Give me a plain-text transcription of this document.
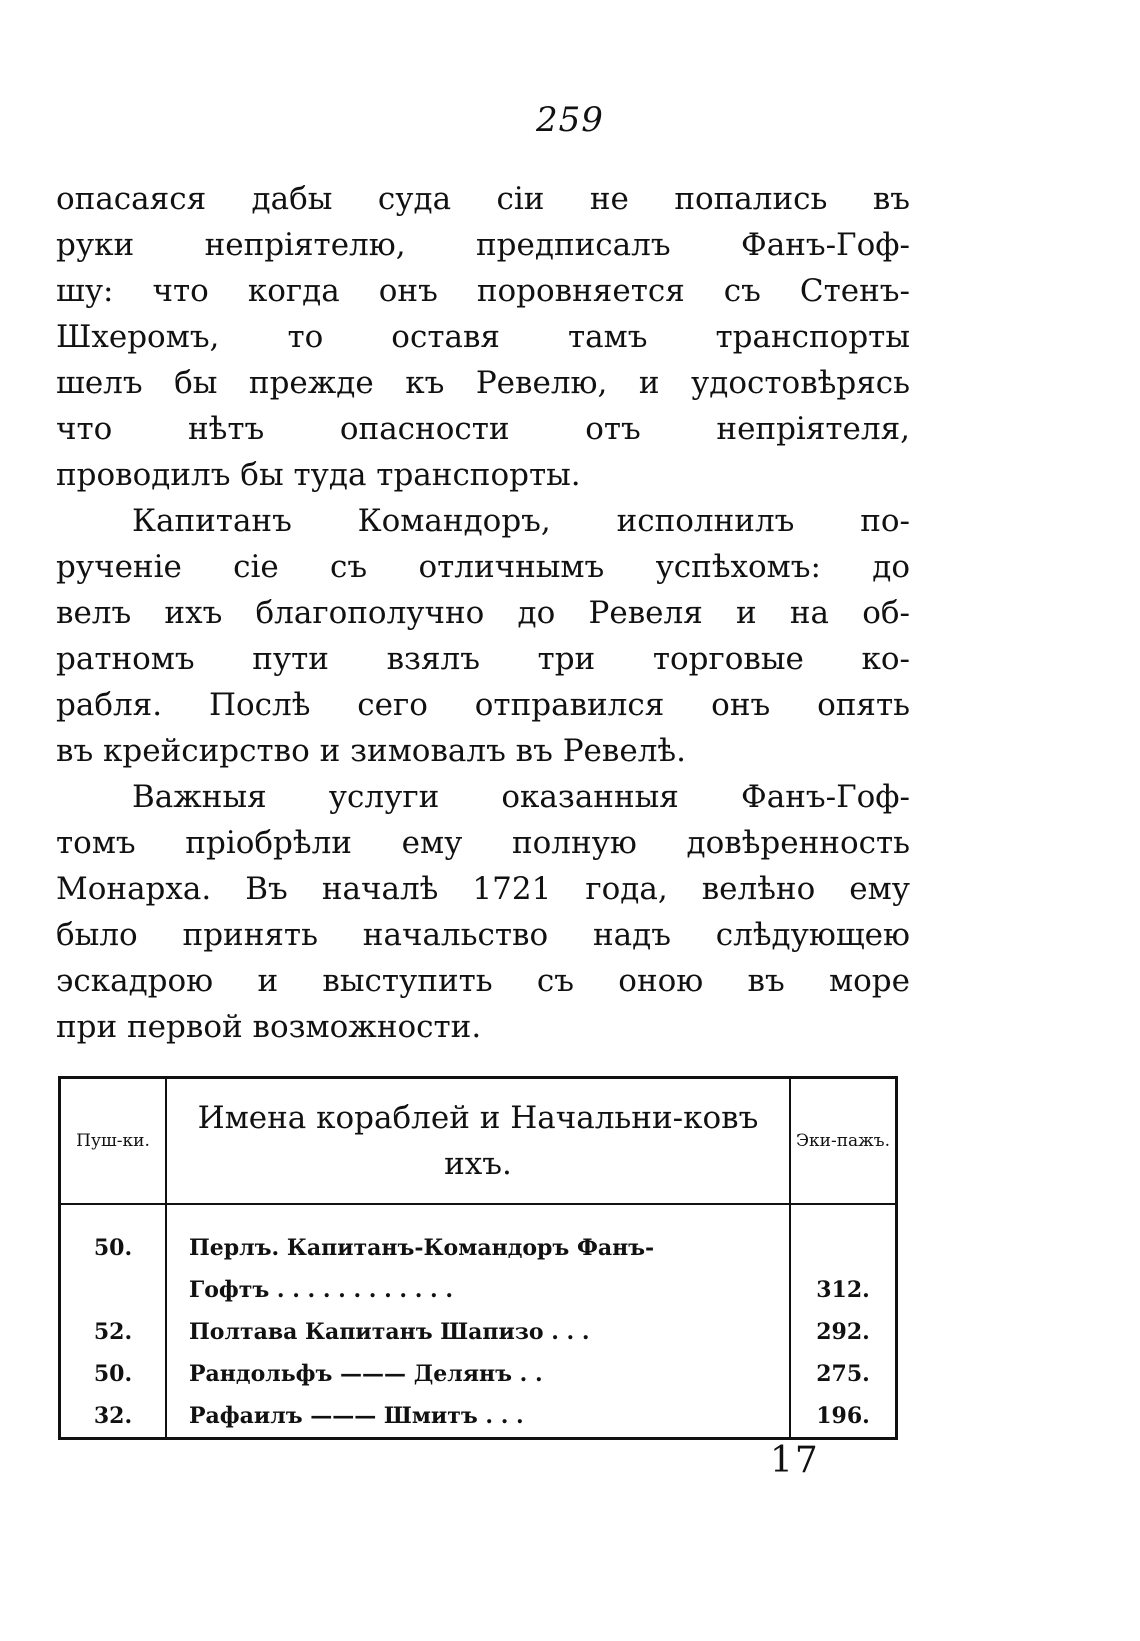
259
опасаяся дабы суда сіи не попались въ
руки непріятелю, предписалъ Фанъ-Гоф-
шу: что когда онъ поровняется съ Стенъ-
Шхеромъ, то оставя тамъ транспорты
шелъ бы прежде къ Ревелю, и удостовѣрясь
что нѣтъ опасности отъ непріятеля,
проводилъ бы туда транспорты.
Капитанъ Командоръ, исполнилъ по-
рученіе сіе съ отличнымъ успѣхомъ: до
велъ ихъ благополучно до Ревеля и на об-
ратномъ пути взялъ три торговые ко-
рабля. Послѣ сего отправился онъ опять
въ крейсирство и зимовалъ въ Ревелѣ.
Важныя услуги оказанныя Фанъ-Гоф-
томъ пріобрѣли ему полную довѣренность
Монарха. Въ началѣ 1721 года, велѣно ему
было принять начальство надъ слѣдующею
эскадрою и выступить съ оною въ море
при первой возможности.
Пуш-ки.	Имена кораблей и Начальни-ковъ ихъ.	Эки-пажъ.
50.	Перлъ. Капитанъ-Командоръ Фанъ-
Гофтъ . . . . . . . . . . . .	312.
52.	Полтава Капитанъ Шапизо . . .	292.
50.	Рандольфъ ——— Делянъ . .	275.
32.	Рафаилъ ——— Шмитъ . . .	196.
17
